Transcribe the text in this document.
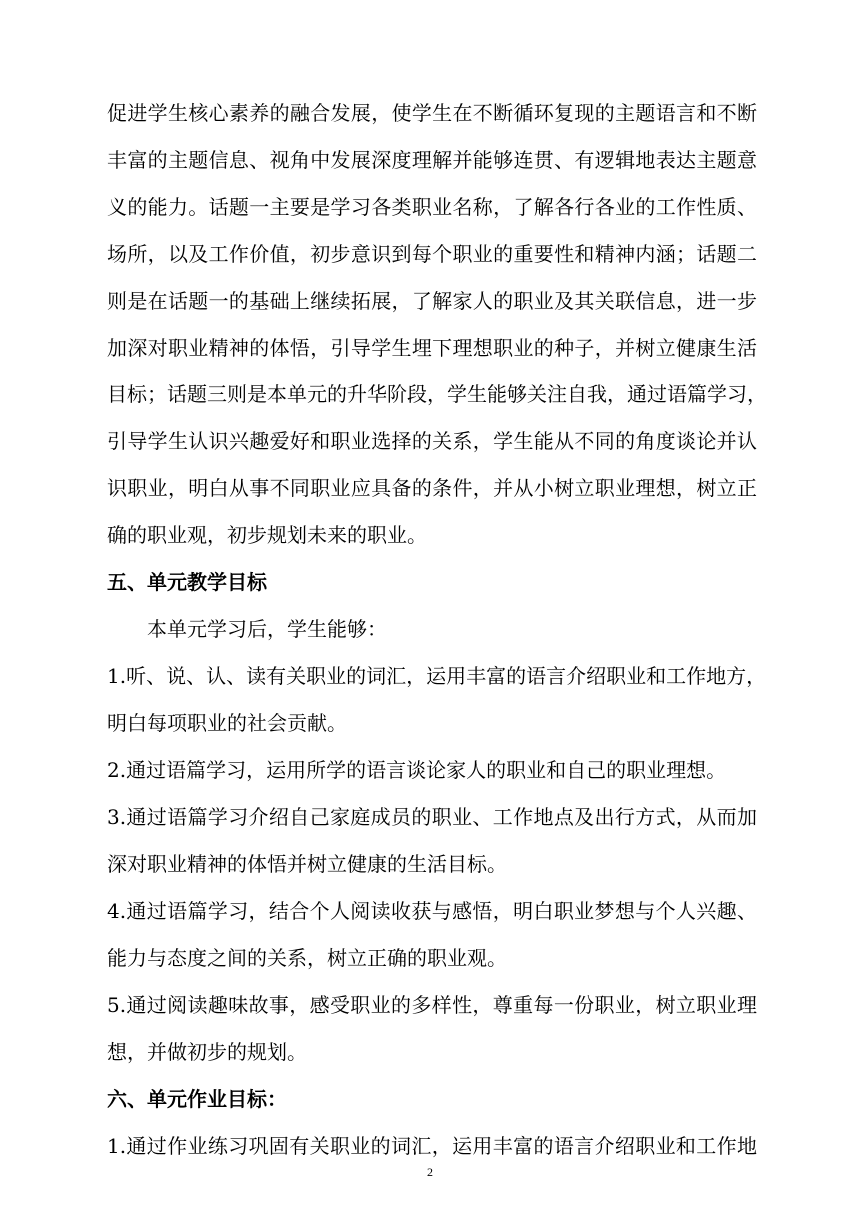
促进学生核心素养的融合发展，使学生在不断循环复现的主题语言和不断
丰富的主题信息、视角中发展深度理解并能够连贯、有逻辑地表达主题意
义的能力。话题一主要是学习各类职业名称，了解各行各业的工作性质、
场所，以及工作价值，初步意识到每个职业的重要性和精神内涵；话题二
则是在话题一的基础上继续拓展，了解家人的职业及其关联信息，进一步
加深对职业精神的体悟，引导学生埋下理想职业的种子，并树立健康生活
目标；话题三则是本单元的升华阶段，学生能够关注自我，通过语篇学习，
引导学生认识兴趣爱好和职业选择的关系，学生能从不同的角度谈论并认
识职业，明白从事不同职业应具备的条件，并从小树立职业理想，树立正
确的职业观，初步规划未来的职业。
五、单元教学目标
本单元学习后，学生能够：
1.听、说、认、读有关职业的词汇，运用丰富的语言介绍职业和工作地方，
明白每项职业的社会贡献。
2.通过语篇学习，运用所学的语言谈论家人的职业和自己的职业理想。
3.通过语篇学习介绍自己家庭成员的职业、工作地点及出行方式，从而加
深对职业精神的体悟并树立健康的生活目标。
4.通过语篇学习，结合个人阅读收获与感悟，明白职业梦想与个人兴趣、
能力与态度之间的关系，树立正确的职业观。
5.通过阅读趣味故事，感受职业的多样性，尊重每一份职业，树立职业理
想，并做初步的规划。
六、单元作业目标：
1.通过作业练习巩固有关职业的词汇，运用丰富的语言介绍职业和工作地
2
